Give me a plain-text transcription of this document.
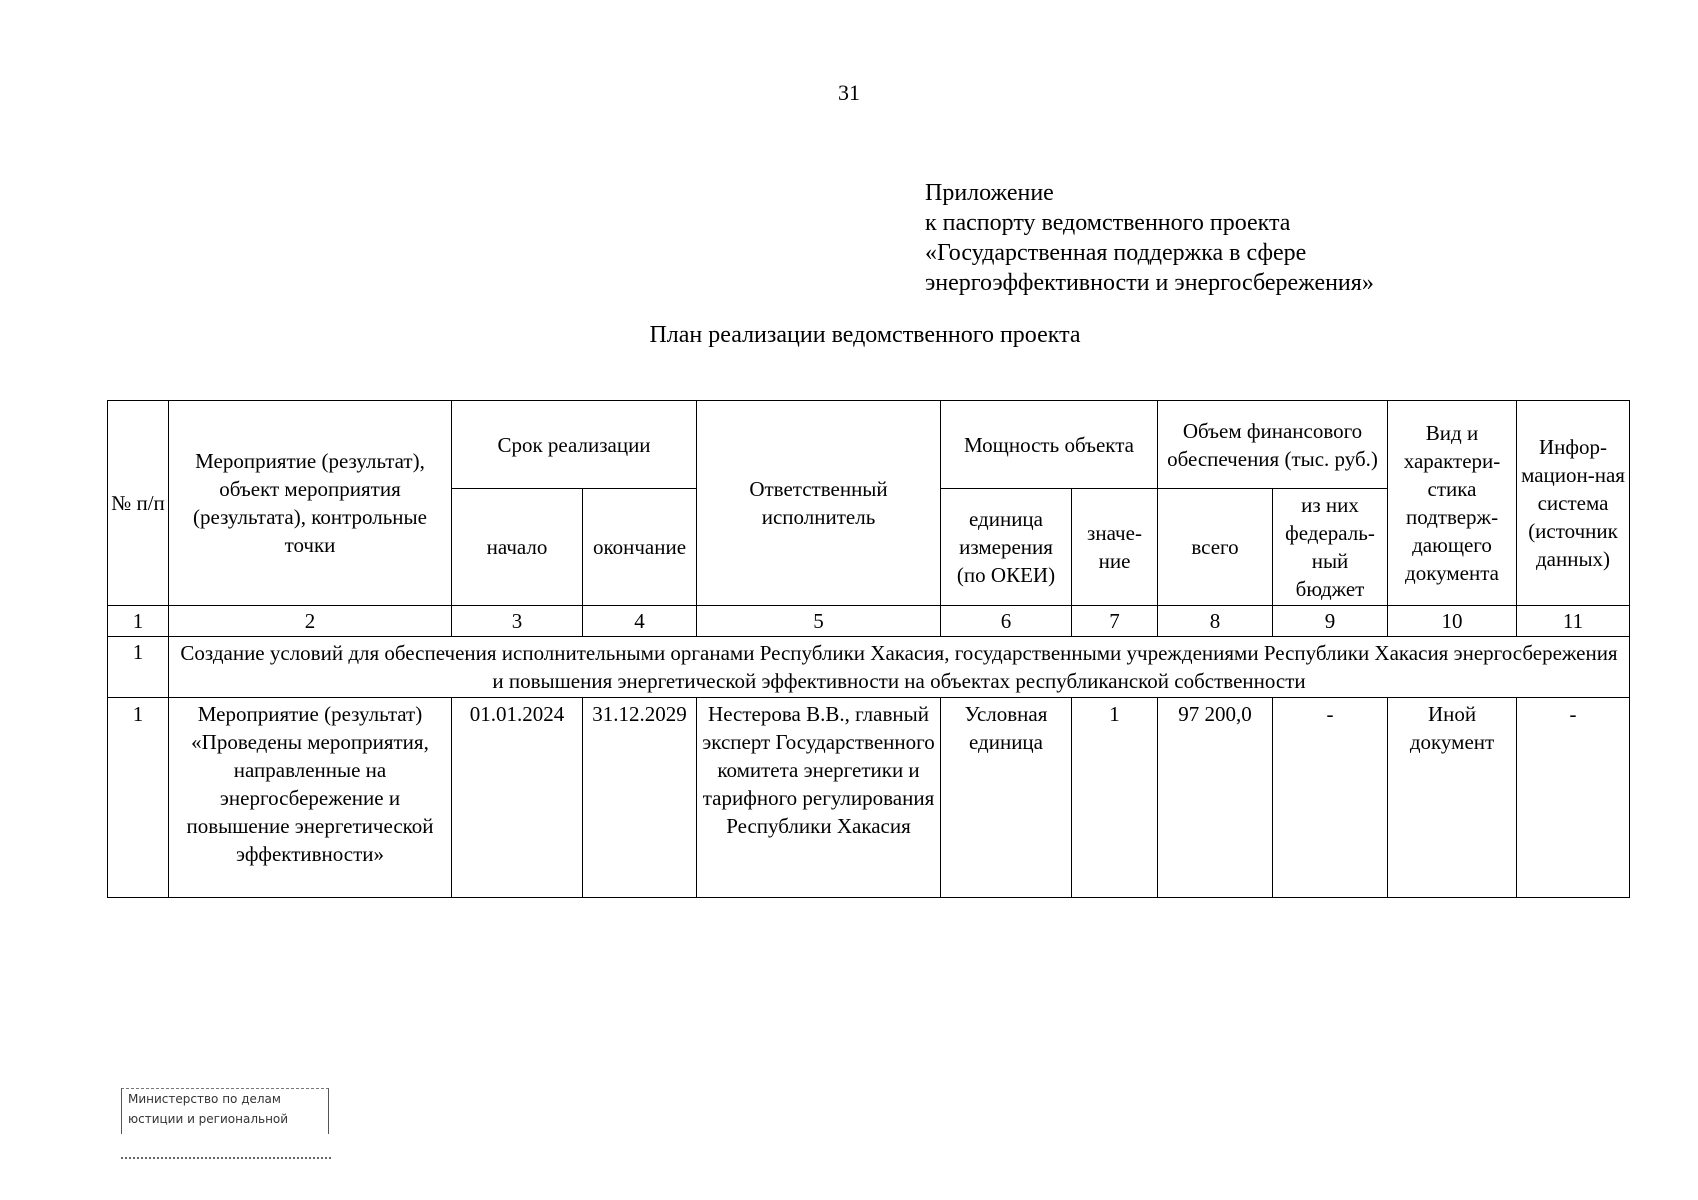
31
Приложение
к паспорту ведомственного проекта
«Государственная поддержка в сфере
энергоэффективности и энергосбережения»
План реализации ведомственного проекта
№ п/п	Мероприятие (результат), объект мероприятия (результата), контрольные точки	Срок реализации		Ответственный исполнитель	Мощность объекта		Объем финансового обеспечения (тыс. руб.)		Вид и характери-стика подтверж-дающего документа	Инфор-мацион-ная система (источник данных)
		начало	окончание		единица измерения (по ОКЕИ)	значе-ние	всего	из них федераль-ный бюджет		
1	2	3	4	5	6	7	8	9	10	11
1	Создание условий для обеспечения исполнительными органами Республики Хакасия, государственными учреждениями Республики Хакасия энергосбережения и повышения энергетической эффективности на объектах республиканской собственности									
1	Мероприятие (результат) «Проведены мероприятия, направленные на энергосбережение и повышение энергетической эффективности»	01.01.2024	31.12.2029	Нестерова В.В., главный эксперт Государственного комитета энергетики и тарифного регулирования Республики Хакасия	Условная единица	1	97 200,0	-	Иной документ	-
Министерство по делам
юстиции и региональной
